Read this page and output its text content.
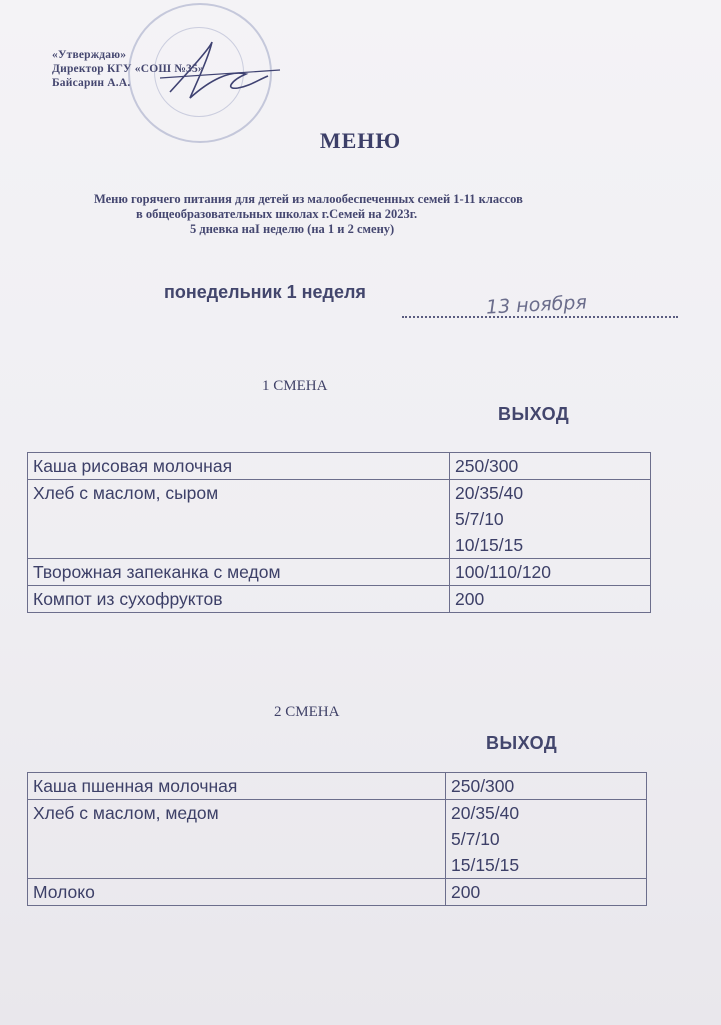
«Утверждаю»
Директор КГУ «СОШ №35»
Байсарин А.А.
МЕНЮ
Меню горячего питания для детей из малообеспеченных семей 1-11 классов
в общеобразовательных школах г.Семей на 2023г.
5 дневка наI неделю (на 1 и 2 смену)
понедельник 1 неделя	13 ноября
1 СМЕНА
ВЫХОД
Каша рисовая молочная	250/300

Хлеб с маслом, сыром	20/35/40
5/7/10
10/15/15

Творожная запеканка с медом	100/110/120

Компот из сухофруктов	200
2 СМЕНА
ВЫХОД
Каша пшенная молочная	250/300

Хлеб с маслом, медом	20/35/40
5/7/10
15/15/15

Молоко	200
